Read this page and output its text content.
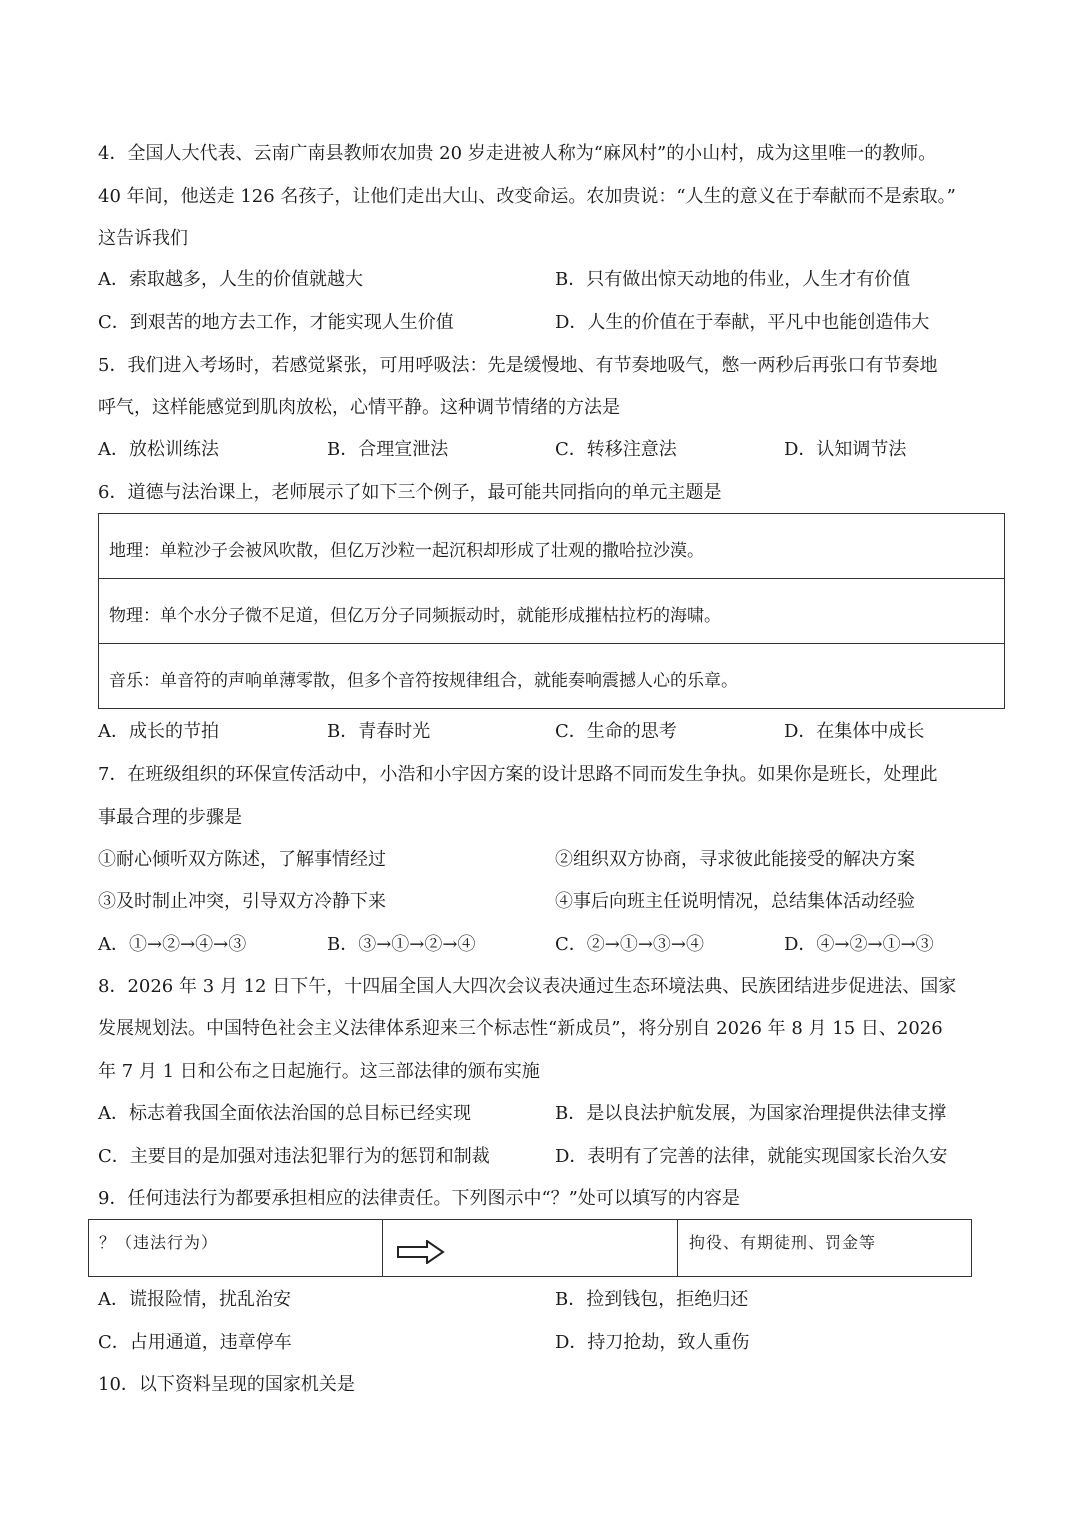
4．全国人大代表、云南广南县教师农加贵 20 岁走进被人称为“麻风村”的小山村，成为这里唯一的教师。
40 年间，他送走 126 名孩子，让他们走出大山、改变命运。农加贵说：“人生的意义在于奉献而不是索取。”
这告诉我们
A．索取越多，人生的价值就越大	B．只有做出惊天动地的伟业，人生才有价值
C．到艰苦的地方去工作，才能实现人生价值	D．人生的价值在于奉献，平凡中也能创造伟大
5．我们进入考场时，若感觉紧张，可用呼吸法：先是缓慢地、有节奏地吸气，憋一两秒后再张口有节奏地
呼气，这样能感觉到肌肉放松，心情平静。这种调节情绪的方法是
A．放松训练法	B．合理宣泄法	C．转移注意法	D．认知调节法
6．道德与法治课上，老师展示了如下三个例子，最可能共同指向的单元主题是
地理：单粒沙子会被风吹散，但亿万沙粒一起沉积却形成了壮观的撒哈拉沙漠。
物理：单个水分子微不足道，但亿万分子同频振动时，就能形成摧枯拉朽的海啸。
音乐：单音符的声响单薄零散，但多个音符按规律组合，就能奏响震撼人心的乐章。
A．成长的节拍	B．青春时光	C．生命的思考	D．在集体中成长
7．在班级组织的环保宣传活动中，小浩和小宇因方案的设计思路不同而发生争执。如果你是班长，处理此
事最合理的步骤是
①耐心倾听双方陈述，了解事情经过	②组织双方协商，寻求彼此能接受的解决方案
③及时制止冲突，引导双方冷静下来	④事后向班主任说明情况，总结集体活动经验
A．①→②→④→③	B．③→①→②→④	C．②→①→③→④	D．④→②→①→③
8．2026 年 3 月 12 日下午，十四届全国人大四次会议表决通过生态环境法典、民族团结进步促进法、国家
发展规划法。中国特色社会主义法律体系迎来三个标志性“新成员”，将分别自 2026 年 8 月 15 日、2026
年 7 月 1 日和公布之日起施行。这三部法律的颁布实施
A．标志着我国全面依法治国的总目标已经实现	B．是以良法护航发展，为国家治理提供法律支撑
C．主要目的是加强对违法犯罪行为的惩罚和制裁	D．表明有了完善的法律，就能实现国家长治久安
9．任何违法行为都要承担相应的法律责任。下列图示中“？”处可以填写的内容是
？（违法行为）	拘役、有期徒刑、罚金等
A．谎报险情，扰乱治安	B．捡到钱包，拒绝归还
C．占用通道，违章停车	D．持刀抢劫，致人重伤
10．以下资料呈现的国家机关是
